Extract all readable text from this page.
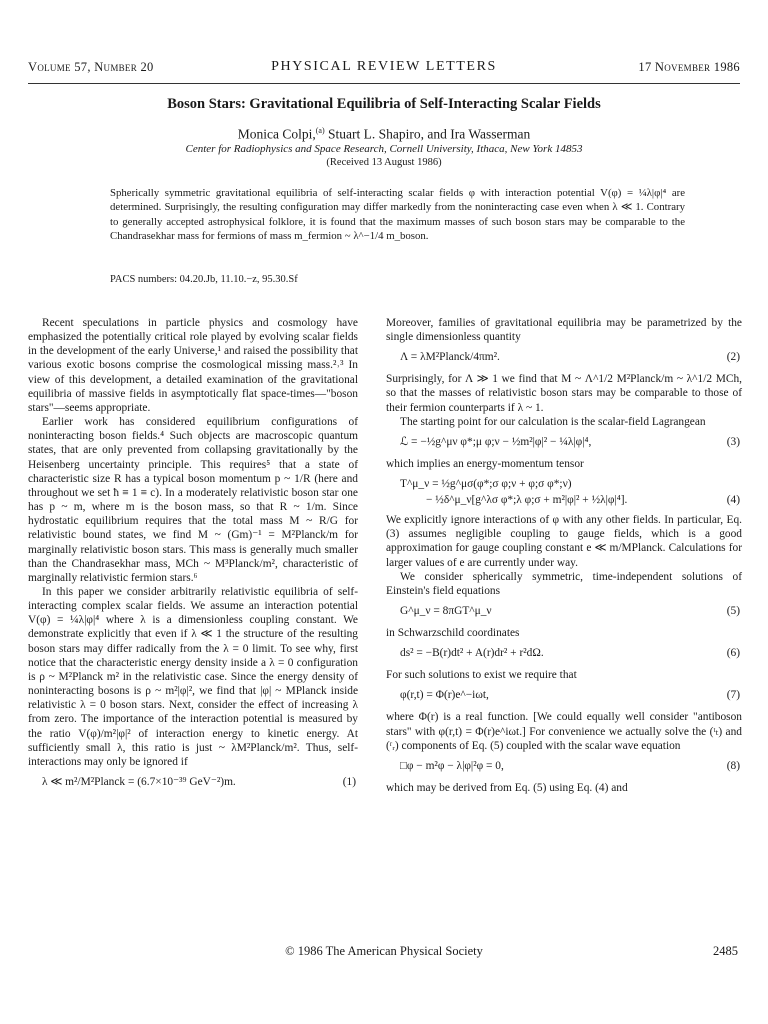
Volume 57, Number 20	PHYSICAL REVIEW LETTERS	17 November 1986
Boson Stars: Gravitational Equilibria of Self-Interacting Scalar Fields
Monica Colpi,$^{(a)}$ Stuart L. Shapiro, and Ira Wasserman
Center for Radiophysics and Space Research, Cornell University, Ithaca, New York 14853
(Received 13 August 1986)
Spherically symmetric gravitational equilibria of self-interacting scalar fields φ with interaction potential V(φ) = ¼λ|φ|⁴ are determined. Surprisingly, the resulting configuration may differ markedly from the noninteracting case even when λ ≪ 1. Contrary to generally accepted astrophysical folklore, it is found that the maximum masses of such boson stars may be comparable to the Chandrasekhar mass for fermions of mass m_fermion ~ λ^−1/4 m_boson.
PACS numbers: 04.20.Jb, 11.10.−z, 95.30.Sf

Recent speculations in particle physics and cosmology have emphasized the potentially critical role played by evolving scalar fields in the development of the early Universe,¹ and raised the possibility that various exotic bosons comprise the cosmological missing mass.²˒³ In view of this development, a detailed examination of the gravitational equilibria of massive fields in asymptotically flat space-times—"boson stars"—seems appropriate.

Earlier work has considered equilibrium configurations of noninteracting boson fields.⁴ Such objects are macroscopic quantum states, that are only prevented from collapsing gravitationally by the Heisenberg uncertainty principle. This requires⁵ that a state of characteristic size R has a typical boson momentum p ~ 1/R (here and throughout we set ħ ≡ 1 ≡ c). In a moderately relativistic boson star one has p ~ m, where m is the boson mass, so that R ~ 1/m. Since hydrostatic equilibrium requires that the total mass M ~ R/G for relativistic bound states, we find M ~ (Gm)⁻¹ = M²Planck/m for marginally relativistic boson stars. This mass is generally much smaller than the Chandrasekhar mass, MCh ~ M³Planck/m², characteristic of marginally relativistic fermion stars.⁶

In this paper we consider arbitrarily relativistic equilibria of self-interacting complex scalar fields. We assume an interaction potential V(φ) = ¼λ|φ|⁴ where λ is a dimensionless coupling constant. We demonstrate explicitly that even if λ ≪ 1 the structure of the resulting boson stars may differ radically from the λ = 0 limit. To see why, first notice that the characteristic energy density inside a λ = 0 configuration is ρ ~ M²Planck m² in the relativistic case. Since the energy density of noninteracting bosons is ρ ~ m²|φ|², we find that |φ| ~ MPlanck inside relativistic λ = 0 boson stars. Next, consider the effect of increasing λ from zero. The importance of the interaction potential is measured by the ratio V(φ)/m²|φ|² of interaction energy to kinetic energy. At sufficiently small λ, this ratio is just ~ λM²Planck/m². Thus, self-interactions may only be ignored if

λ ≪ m²/M²Planck = (6.7×10⁻³⁹ GeV⁻²)m.	(1)

Moreover, families of gravitational equilibria may be parametrized by the single dimensionless quantity

Λ = λM²Planck/4πm².	(2)

Surprisingly, for Λ ≫ 1 we find that M ~ Λ^1/2 M²Planck/m ~ λ^1/2 MCh, so that the masses of relativistic boson stars may be comparable to those of their fermion counterparts if λ ~ 1.

The starting point for our calculation is the scalar-field Lagrangean

ℒ = −½g^μν φ*;μ φ;ν − ½m²|φ|² − ¼λ|φ|⁴,	(3)

which implies an energy-momentum tensor

T^μ_ν = ½g^μσ(φ*;σ φ;ν + φ;σ φ*;ν)
− ½δ^μ_ν[g^λσ φ*;λ φ;σ + m²|φ|² + ½λ|φ|⁴].	(4)

We explicitly ignore interactions of φ with any other fields. In particular, Eq. (3) assumes negligible coupling to gauge fields, which is a good approximation for gauge coupling constant e ≪ m/MPlanck. Calculations for larger values of e are currently under way.

We consider spherically symmetric, time-independent solutions of Einstein's field equations

G^μ_ν = 8πGT^μ_ν	(5)

in Schwarzschild coordinates

ds² = −B(r)dt² + A(r)dr² + r²dΩ.	(6)

For such solutions to exist we require that

φ(r,t) = Φ(r)e^−iωt,	(7)

where Φ(r) is a real function. [We could equally well consider "antiboson stars" with φ(r,t) = Φ(r)e^iωt.] For convenience we actually solve the (ᵗₜ) and (ʳᵣ) components of Eq. (5) coupled with the scalar wave equation

□φ − m²φ − λ|φ|²φ = 0,	(8)

which may be derived from Eq. (5) using Eq. (4) and

© 1986 The American Physical Society	2485
